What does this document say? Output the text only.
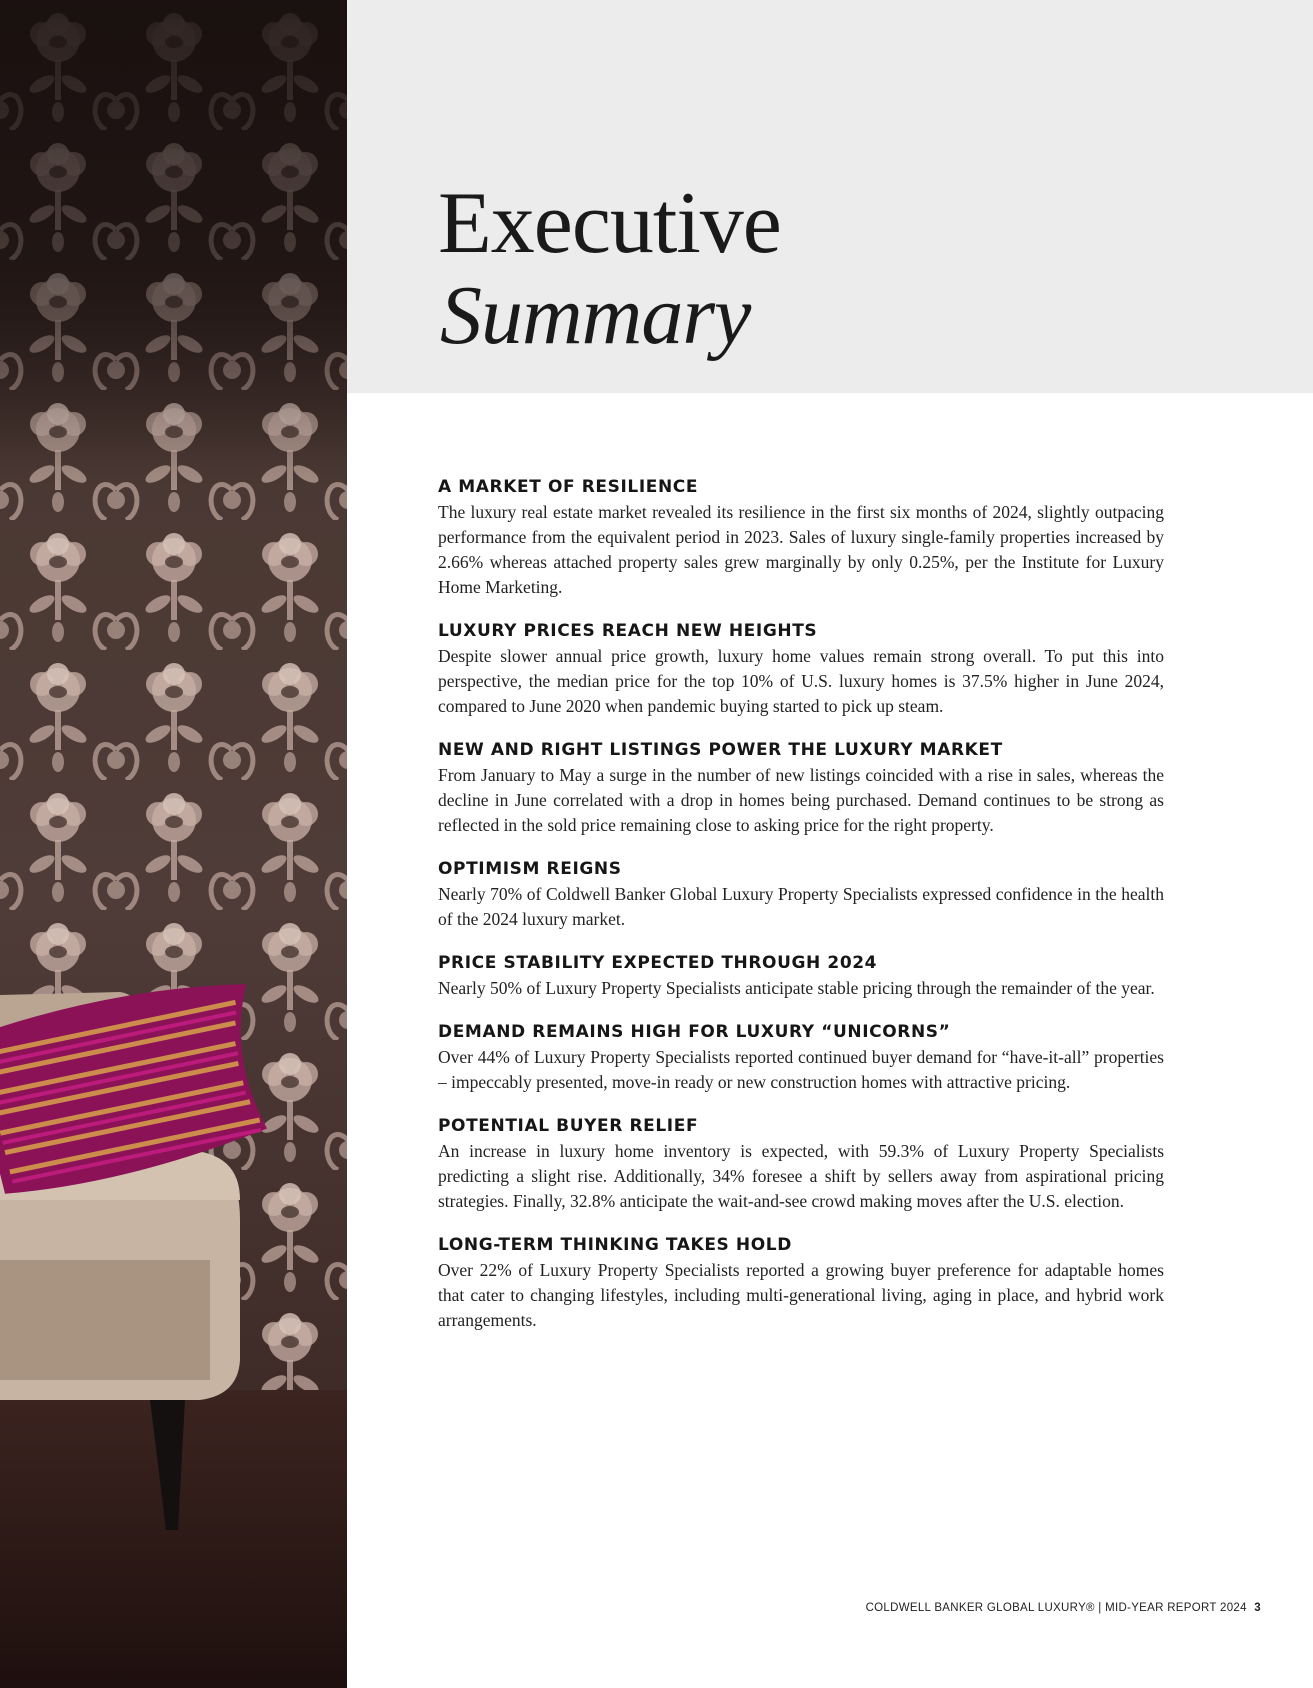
Executive
Summary
A MARKET OF RESILIENCE

The luxury real estate market revealed its resilience in the first six months of 2024, slightly outpacing performance from the equivalent period in 2023. Sales of luxury single-family properties increased by 2.66% whereas attached property sales grew marginally by only 0.25%, per the Institute for Luxury Home Marketing.

LUXURY PRICES REACH NEW HEIGHTS

Despite slower annual price growth, luxury home values remain strong overall. To put this into perspective, the median price for the top 10% of U.S. luxury homes is 37.5% higher in June 2024, compared to June 2020 when pandemic buying started to pick up steam.

NEW AND RIGHT LISTINGS POWER THE LUXURY MARKET

From January to May a surge in the number of new listings coincided with a rise in sales, whereas the decline in June correlated with a drop in homes being purchased. Demand continues to be strong as reflected in the sold price remaining close to asking price for the right property.

OPTIMISM REIGNS

Nearly 70% of Coldwell Banker Global Luxury Property Specialists expressed confidence in the health of the 2024 luxury market.

PRICE STABILITY EXPECTED THROUGH 2024

Nearly 50% of Luxury Property Specialists anticipate stable pricing through the remainder of the year.

DEMAND REMAINS HIGH FOR LUXURY “UNICORNS”

Over 44% of Luxury Property Specialists reported continued buyer demand for “have-it-all” properties – impeccably presented, move-in ready or new construction homes with attractive pricing.

POTENTIAL BUYER RELIEF

An increase in luxury home inventory is expected, with 59.3% of Luxury Property Specialists predicting a slight rise. Additionally, 34% foresee a shift by sellers away from aspirational pricing strategies. Finally, 32.8% anticipate the wait-and-see crowd making moves after the U.S. election.

LONG-TERM THINKING TAKES HOLD

Over 22% of Luxury Property Specialists reported a growing buyer preference for adaptable homes that cater to changing lifestyles, including multi-generational living, aging in place, and hybrid work arrangements.

COLDWELL BANKER GLOBAL LUXURY® | MID-YEAR REPORT 2024 3
